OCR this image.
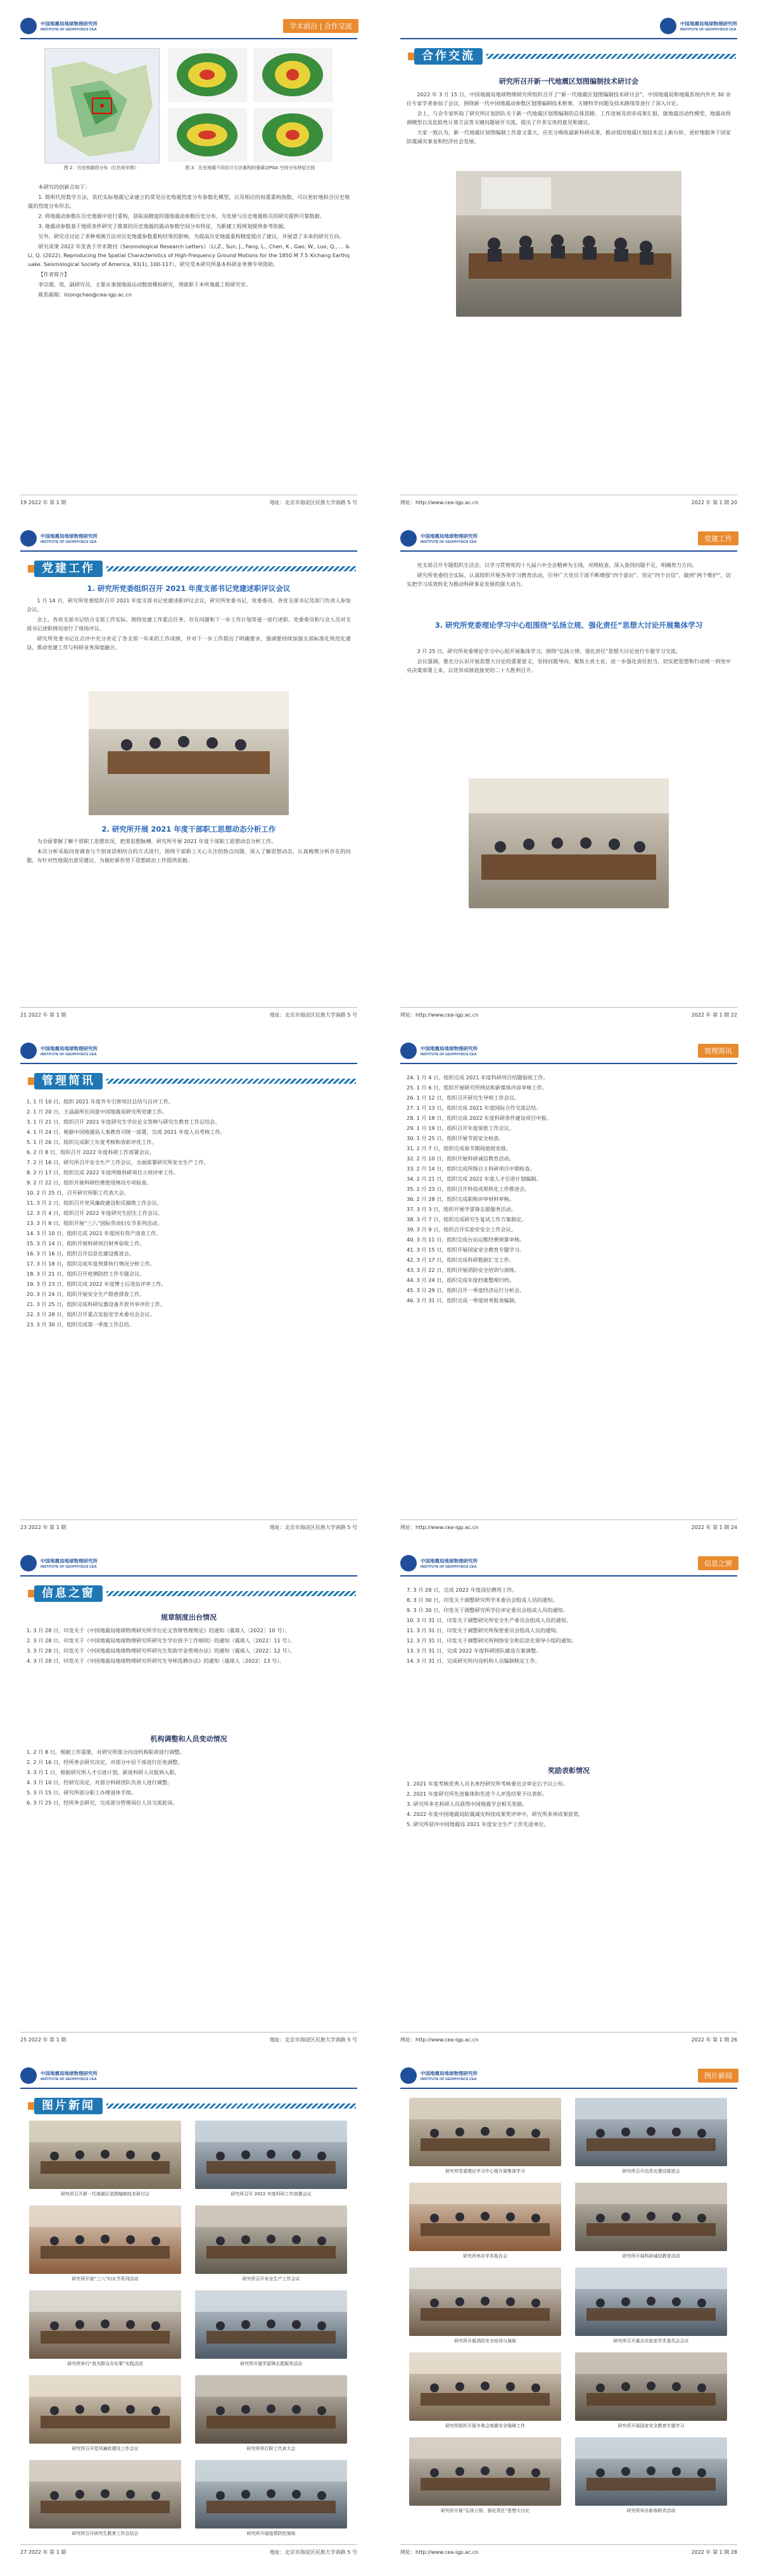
中国地震局地球物理研究所
INSTITUTE OF GEOPHYSICS CEA	学术前沿 | 合作交流
图 2：历史地震的分布（红色矩形框）	图 3：历史地震不同估计方法重构的强震动PGA 空间分布特征比较

本研究的创新点如下：

1. 简明代用数学方法，依托实际地震记录建立的常见历史地震烈度分布参数化模型，以及相应的权重重构指数，可以更好地拟合历史地震的烈度分布形态。

2. 将地震动参数在历史地震中进行重构，获取高精度的强地震动参数历史分布，为发展与历史地震相关的研究提供可靠数据。

3. 地震动参数基于地质条件研究了推算的历史地震的震动参数空间分布特征，为新建工程规划提供参考依据。

另外，研究还讨论了多种观测方法对历史地震参数重构结果的影响，为提高历史地震重构精度提出了建议，并展望了未来的研究方向。

研究成果 2022 年发表于学术期刊《Seismological Research Letters》（Li,Z., Sun, J., Fang, L., Chen, K., Gao, W., Luo, Q., ... & Li, Q. (2022). Reproducing the Spatial Characteristics of High-Frequency Ground Motions for the 1850 M 7.5 Xichang Earthquake. Seismological Society of America, 93(1), 100-117）。研究受本研究所基本科研业务费专项资助。

【作者简介】

李宗超，男，副研究员，主要从事强地面运动数值模拟研究，现就职于本所地震工程研究室。

联系邮箱：lizongchao@cea-igp.ac.cn

19 2022 年 第 1 期	地址：北京市海淀区民族大学南路 5 号
中国地震局地球物理研究所
INSTITUTE OF GEOPHYSICS CEA
合作交流
研究所召开新一代地震区划图编制技术研讨会

2022 年 3 月 15 日，中国地震局地球物理研究所组织召开了“新一代地震区划图编制技术研讨会”，中国地震局和地震系统内外共 30 余位专家学者参加了会议，围绕新一代中国地震动参数区划图编制技术框架、关键科学问题及技术路线等进行了深入讨论。

会上，与会专家听取了研究所区划团队关于新一代地震区划图编制的总体思路、工作进展及初步成果汇报，就地震活动性模型、地震动预测模型以及危险性计算方法等关键问题展开交流，提出了许多宝贵的意见和建议。

大家一致认为，新一代地震区划图编制工作意义重大，应充分吸收最新科研成果，推动我国地震区划技术迈上新台阶，更好地服务于国家防震减灾事业和经济社会发展。

网址：http://www.cea-igp.ac.cn	2022 年 第 1 期 20
中国地震局地球物理研究所
INSTITUTE OF GEOPHYSICS CEA
党建工作
1. 研究所党委组织召开 2021 年度支部书记党建述职评议会议

1 月 14 日，研究所党委组织召开 2021 年度支部书记党建述职评议会议，研究所党委书记、党委委员、各党支部书记及部门负责人参加会议。

会上，各党支部书记结合支部工作实际，围绕党建工作重点任务、存在问题和下一步工作计划等逐一进行述职。党委委员和与会人员对支部书记述职情况进行了现场评议。

研究所党委书记在点评中充分肯定了各支部一年来的工作成绩，并对下一步工作提出了明确要求，强调要持续加强支部标准化规范化建设，推动党建工作与科研业务深度融合。

2. 研究所开展 2021 年度干部职工思想动态分析工作

为全面掌握了解干部职工思想状况，把准思想脉搏，研究所开展 2021 年度干部职工思想动态分析工作。

本次分析采取问卷调查与个别谈话相结合的方式进行，围绕干部职工关心关注的热点问题，深入了解思想动态，认真梳理分析存在的问题，有针对性地提出意见建议，为做好新形势下思想政治工作提供依据。

21 2022 年 第 1 期	地址：北京市海淀区民族大学南路 5 号
中国地震局地球物理研究所
INSTITUTE OF GEOPHYSICS CEA	党建工作

党支部召开专题组织生活会，以学习贯彻党的十九届六中全会精神为主线，对照检查，深入查找问题不足，明确努力方向。

研究所党委结合实际，认真组织开展各项学习教育活动，引导广大党员干部不断增强“四个意识”、坚定“四个自信”、做到“两个维护”，切实把学习成效转化为推动科研事业发展的强大动力。

3. 研究所党委理论学习中心组围绕“弘扬立规、强化责任”思想大讨论开展集体学习

3 月 25 日，研究所党委理论学习中心组开展集体学习，围绕“弘扬立规、强化责任”思想大讨论进行专题学习交流。

会议强调，要充分认识开展思想大讨论的重要意义，坚持问题导向，聚焦主责主业，进一步强化责任担当，切实把思想和行动统一到党中央决策部署上来，以优异成绩迎接党的二十大胜利召开。

网址：http://www.cea-igp.ac.cn	2022 年 第 1 期 22
中国地震局地球物理研究所
INSTITUTE OF GEOPHYSICS CEA
管理简讯
1. 1 月 10 日，组织 2021 年度外专引智项目总结与自评工作。
2. 1 月 20 日，王晶副所长同意中国地震局研究所党建工作。
3. 1 月 21 日，组织召开 2021 年度研究生学位论文答辩与研究生教育工作总结会。
4. 1 月 24 日，根据中国地震局人事教育司统一部署，完成 2021 年度人员考核工作。
5. 1 月 26 日，组织完成职工年度考核和表彰评优工作。
6. 2 月 8 日，组织召开 2022 年度科研工作部署会议。
7. 2 月 16 日，研究所召开安全生产工作会议，全面部署研究所安全生产工作。
8. 2 月 17 日，组织完成 2022 年度所级科研项目立项评审工作。
9. 2 月 22 日，组织开展科研经费使用情况专项检查。
10. 2 月 25 日，召开研究所职工代表大会。
11. 3 月 2 日，组织召开党风廉政建设和反腐败工作会议。
12. 3 月 4 日，组织召开 2022 年度研究生招生工作会议。
13. 3 月 8 日，组织开展“三八”国际劳动妇女节系列活动。
14. 3 月 10 日，组织完成 2021 年度国有资产清查工作。
15. 3 月 14 日，组织开展科研项目财务验收工作。
16. 3 月 16 日，组织召开信息化建设推进会。
17. 3 月 18 日，组织完成年度预算执行情况分析工作。
18. 3 月 21 日，组织召开疫情防控工作专题会议。
19. 3 月 23 日，组织完成 2022 年度博士后进站评审工作。
20. 3 月 24 日，组织开展安全生产隐患排查工作。
21. 3 月 25 日，组织完成科研仪器设备开放共享评价工作。
22. 3 月 28 日，组织召开重点实验室学术委员会会议。
23. 3 月 30 日，组织完成第一季度工作总结。
23 2022 年 第 1 期	地址：北京市海淀区民族大学南路 5 号
中国地震局地球物理研究所
INSTITUTE OF GEOPHYSICS CEA	管理简讯
24. 1 月 4 日，组织完成 2021 年度科研项目结题验收工作。
25. 1 月 6 日，组织开展研究所网站和新媒体内容审核工作。
26. 1 月 12 日，组织召开研究生导师工作会议。
27. 1 月 13 日，组织完成 2021 年度国际合作交流总结。
28. 1 月 18 日，组织完成 2022 年度科研条件建设项目申报。
29. 1 月 19 日，组织召开年度保密工作会议。
30. 1 月 25 日，组织开展节前安全检查。
31. 2 月 7 日，组织完成春节期间值班安排。
32. 2 月 10 日，组织开展科研诚信教育活动。
33. 2 月 14 日，组织完成所级自主科研项目中期检查。
34. 2 月 21 日，组织完成 2022 年度人才引进计划编制。
35. 2 月 23 日，组织召开科技成果转化工作推进会。
36. 2 月 28 日，组织完成职称评审材料审核。
37. 3 月 3 日，组织开展学雷锋志愿服务活动。
38. 3 月 7 日，组织完成研究生复试工作方案制定。
39. 3 月 9 日，组织召开实验室安全工作会议。
40. 3 月 11 日，组织完成台站运维经费预算审核。
41. 3 月 15 日，组织开展国家安全教育专题学习。
42. 3 月 17 日，组织完成科研数据汇交工作。
43. 3 月 22 日，组织开展消防安全培训与演练。
44. 3 月 24 日，组织完成年度档案整理归档。
45. 3 月 29 日，组织召开一季度经济运行分析会。
46. 3 月 31 日，组织完成一季度财务报表编制。
网址：http://www.cea-igp.ac.cn	2022 年 第 1 期 24
中国地震局地球物理研究所
INSTITUTE OF GEOPHYSICS CEA
信息之窗
规章制度出台情况
1. 3 月 28 日，印发关于《中国地震局地球物理研究所学位论文答辩管理规定》的通知（震球人〔2022〕10 号）。
2. 3 月 28 日，印发关于《中国地震局地球物理研究所研究生学位授予工作细则》的通知（震球人〔2022〕11 号）。
3. 3 月 28 日，印发关于《中国地震局地球物理研究所研究生奖助学金管理办法》的通知（震球人〔2022〕12 号）。
4. 3 月 28 日，印发关于《中国地震局地球物理研究所研究生导师选聘办法》的通知（震球人〔2022〕13 号）。
机构调整和人员变动情况
1. 2 月 8 日，根据工作需要，对研究所部分内设机构职责进行调整。
2. 2 月 16 日，经所务会研究决定，对部分中层干部进行任免调整。
3. 3 月 1 日，根据研究所人才引进计划，新进科研人员报到入职。
4. 3 月 10 日，经研究决定，对部分科研团队负责人进行调整。
5. 3 月 15 日，研究所部分职工办理退休手续。
6. 3 月 25 日，经所务会研究，完成部分管理岗位人员交流轮岗。
25 2022 年 第 1 期	地址：北京市海淀区民族大学南路 5 号
中国地震局地球物理研究所
INSTITUTE OF GEOPHYSICS CEA	信息之窗
7. 3 月 28 日，完成 2022 年度岗位聘用工作。
8. 3 月 30 日，印发关于调整研究所学术委员会组成人员的通知。
9. 3 月 30 日，印发关于调整研究所学位评定委员会组成人员的通知。
10. 3 月 31 日，印发关于调整研究所安全生产委员会组成人员的通知。
11. 3 月 31 日，印发关于调整研究所保密委员会组成人员的通知。
12. 3 月 31 日，印发关于调整研究所网络安全和信息化领导小组的通知。
13. 3 月 31 日，完成 2022 年度科研团队建设方案调整。
14. 3 月 31 日，完成研究所内设机构人员编制核定工作。
奖励表彰情况
1. 2021 年度考核优秀人员名单经研究所考核委员会审定后予以公布。
2. 2021 年度研究所先进集体和先进个人评选结果予以表彰。
3. 研究所多名科研人员获得中国地震学会相关奖励。
4. 2022 年度中国地震局防震减灾科技成果奖评审中，研究所多项成果获奖。
5. 研究所获评中国地震局 2021 年度安全生产工作先进单位。
网址：http://www.cea-igp.ac.cn	2022 年 第 1 期 26
中国地震局地球物理研究所
INSTITUTE OF GEOPHYSICS CEA
图片新闻
研究所召开新一代地震区划图编制技术研讨会	研究所召开 2022 年度科研工作部署会议
研究所开展“三八”妇女节系列活动	研究所召开安全生产工作会议
研究所举行“我为群众办实事”实践活动	研究所开展学雷锋志愿服务活动
研究所召开党风廉政建设工作会议	研究所举行职工代表大会
研究所召开研究生教育工作总结会	研究所开展疫情防控演练
27 2022 年 第 1 期	地址：北京市海淀区民族大学南路 5 号
中国地震局地球物理研究所
INSTITUTE OF GEOPHYSICS CEA	图片新闻
研究所党委理论学习中心组开展集体学习	研究所召开信息化建设推进会
研究所举办学术报告会	研究所开展科研诚信教育活动
研究所开展消防安全培训与演练	研究所召开重点实验室学术委员会会议
研究所组织开展冬奥会地震安全保障工作	研究所开展国家安全教育专题学习
研究所开展“弘扬立规、强化责任”思想大讨论	研究所举办新春联欢活动
网址：http://www.cea-igp.ac.cn	2022 年 第 1 期 28
